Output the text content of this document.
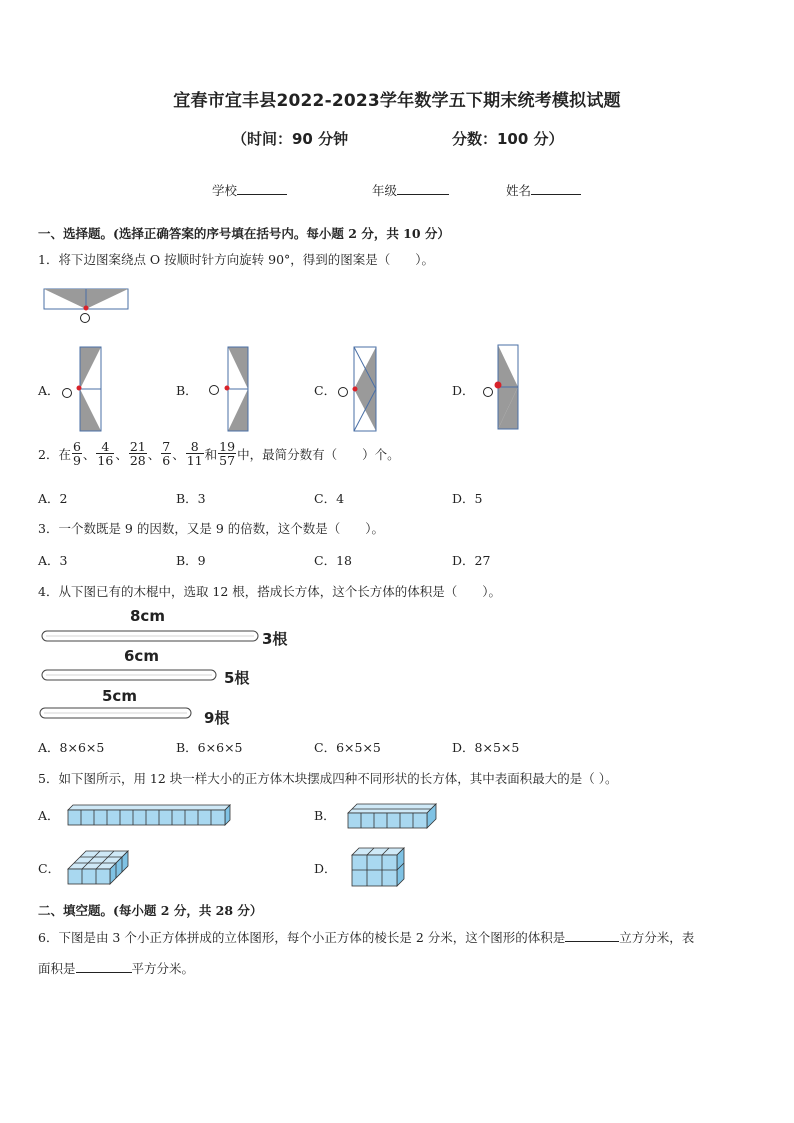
宜春市宜丰县2022-2023学年数学五下期末统考模拟试题
（时间：90 分钟	分数：100 分）
学校	年级	姓名
一、选择题。(选择正确答案的序号填在括号内。每小题 2 分，共 10 分）
1．将下边图案绕点 O 按顺时针方向旋转 90°，得到的图案是（　　）。
A．	B．	C．	D．
2．在 $\frac{6}{9}$ 、 $\frac{4}{16}$ 、 $\frac{21}{28}$ 、 $\frac{7}{6}$ 、 $\frac{8}{11}$ 和 $\frac{19}{57}$ 中，最简分数有（　　）个。
A．2	B．3	C．4	D．5
3．一个数既是 9 的因数，又是 9 的倍数，这个数是（　　）。
A．3	B．9	C．18	D．27
4．从下图已有的木棍中，选取 12 根，搭成长方体，这个长方体的体积是（　　）。
8cm
3根
6cm
5根
5cm
9根
A．8×6×5	B．6×6×5	C．6×5×5	D．8×5×5
5．如下图所示，用 12 块一样大小的正方体木块摆成四种不同形状的长方体，其中表面积最大的是（ ）。
A．	B．
C．	D．
二、填空题。(每小题 2 分，共 28 分）
6．下图是由 3 个小正方体拼成的立体图形，每个小正方体的棱长是 2 分米，这个图形的体积是	立方分米，表
面积是	平方分米。
